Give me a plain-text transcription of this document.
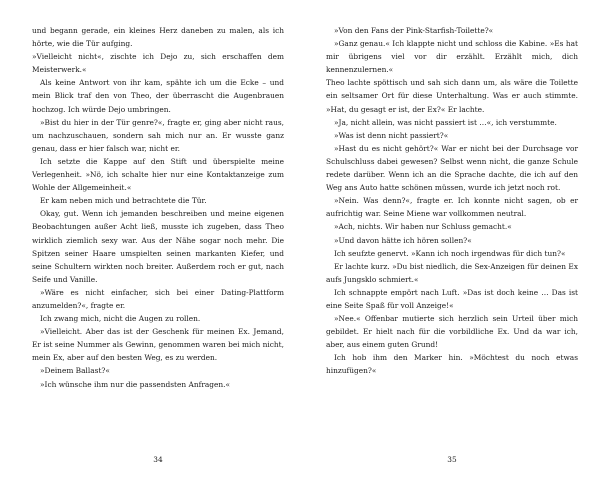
und begann gerade, ein kleines Herz daneben zu malen, als ich hörte, wie die Tür aufging.

»Vielleicht nicht«, zischte ich Dejo zu, sich erschaffen dem Meisterwerk.«

Als keine Antwort von ihr kam, spähte ich um die Ecke – und mein Blick traf den von Theo, der überrascht die Augenbrauen hochzog. Ich würde Dejo umbringen.

»Bist du hier in der Tür genre?«, fragte er, ging aber nicht raus, um nachzuschauen, sondern sah mich nur an. Er wusste ganz genau, dass er hier falsch war, nicht er.

Ich setzte die Kappe auf den Stift und überspielte meine Verlegenheit. »Nö, ich schalte hier nur eine Kontaktanzeige zum Wohle der Allgemeinheit.«

Er kam neben mich und betrachtete die Tür.

Okay, gut. Wenn ich jemanden beschreiben und meine eigenen Beobachtungen außer Acht ließ, musste ich zugeben, dass Theo wirklich ziemlich sexy war. Aus der Nähe sogar noch mehr. Die Spitzen seiner Haare umspielten seinen markanten Kiefer, und seine Schultern wirkten noch breiter. Außerdem roch er gut, nach Seife und Vanille.

»Wäre es nicht einfacher, sich bei einer Dating-Plattform anzumelden?«, fragte er.

Ich zwang mich, nicht die Augen zu rollen.

»Vielleicht. Aber das ist der Geschenk für meinen Ex. Jemand, Er ist seine Nummer als Gewinn, genommen waren bei mich nicht, mein Ex, aber auf den besten Weg, es zu werden.

»Deinem Ballast?«

»Ich wünsche ihm nur die passendsten Anfragen.«

34

»Von den Fans der Pink-Starfish-Toilette?«

»Ganz genau.« Ich klappte nicht und schloss die Kabine. »Es hat mir übrigens viel vor dir erzählt. Erzählt mich, dich kennenzulernen.«

Theo lachte spöttisch und sah sich dann um, als wäre die Toilette ein seltsamer Ort für diese Unterhaltung. Was er auch stimmte. »Hat, du gesagt er ist, der Ex?« Er lachte.

»Ja, nicht allein, was nicht passiert ist …«, ich verstummte.

»Was ist denn nicht passiert?«

»Hast du es nicht gehört?« War er nicht bei der Durchsage vor Schulschluss dabei gewesen? Selbst wenn nicht, die ganze Schule redete darüber. Wenn ich an die Sprache dachte, die ich auf den Weg ans Auto hatte schönen müssen, wurde ich jetzt noch rot.

»Nein. Was denn?«, fragte er. Ich konnte nicht sagen, ob er aufrichtig war. Seine Miene war vollkommen neutral.

»Ach, nichts. Wir haben nur Schluss gemacht.«

»Und davon hätte ich hören sollen?«

Ich seufzte genervt. »Kann ich noch irgendwas für dich tun?«

Er lachte kurz. »Du bist niedlich, die Sex-Anzeigen für deinen Ex aufs Jungsklo schmiert.«

Ich schnappte empört nach Luft. »Das ist doch keine … Das ist eine Seite Spaß für voll Anzeige!«

»Nee.« Offenbar mutierte sich herzlich sein Urteil über mich gebildet. Er hielt nach für die vorbildliche Ex. Und da war ich, aber, aus einem guten Grund!

Ich hob ihm den Marker hin. »Möchtest du noch etwas hinzufügen?«

35
